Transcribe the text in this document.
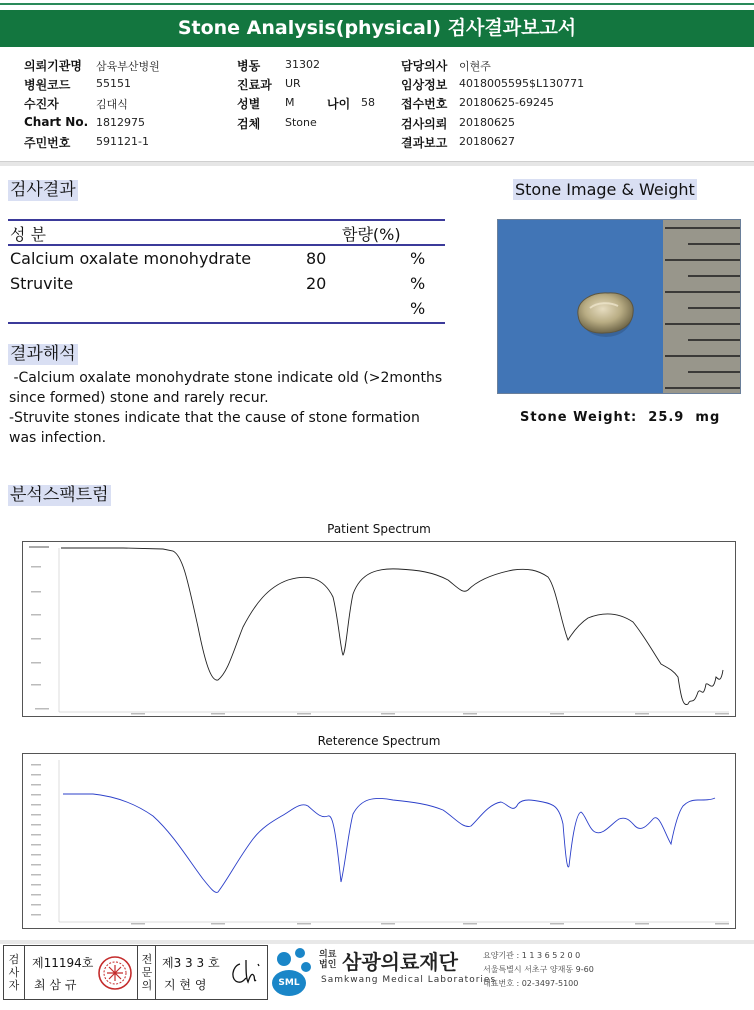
Stone Analysis(physical) 검사결과보고서
의뢰기관명 삼육부산병원	병동 31302	담당의사 이현주
병원코드 55151	진료과 UR	임상정보 4018005595$L130771
수진자	김대식	성별 M	나이 58 접수번호 20180625-69245
Chart No. 1812975	검체 Stone	검사의뢰 20180625
주민번호 591121-1	결과보고 20180627
검사결과
성 분	함량(%)
Calcium oxalate monohydrate	80	%
Struvite	20	%
%
결과해석
-Calcium oxalate monohydrate stone indicate old (>2months
since formed) stone and rarely recur.
-Struvite stones indicate that the cause of stone formation
was infection.
Stone Image & Weight
Stone Weight:  25.9  mg
분석스팩트럼
Patient Spectrum
Reterence Spectrum
검
사
자
제11194호
최 삼 규
전
문
의
제3 3 3 호
지 현 영	SML
의료
법인 삼광의료재단
Samkwang Medical Laboratories
요양기관 : 1 1 3 6 5 2 0 0
서울특별시 서초구 양재동 9-60
대표번호 : 02-3497-5100
